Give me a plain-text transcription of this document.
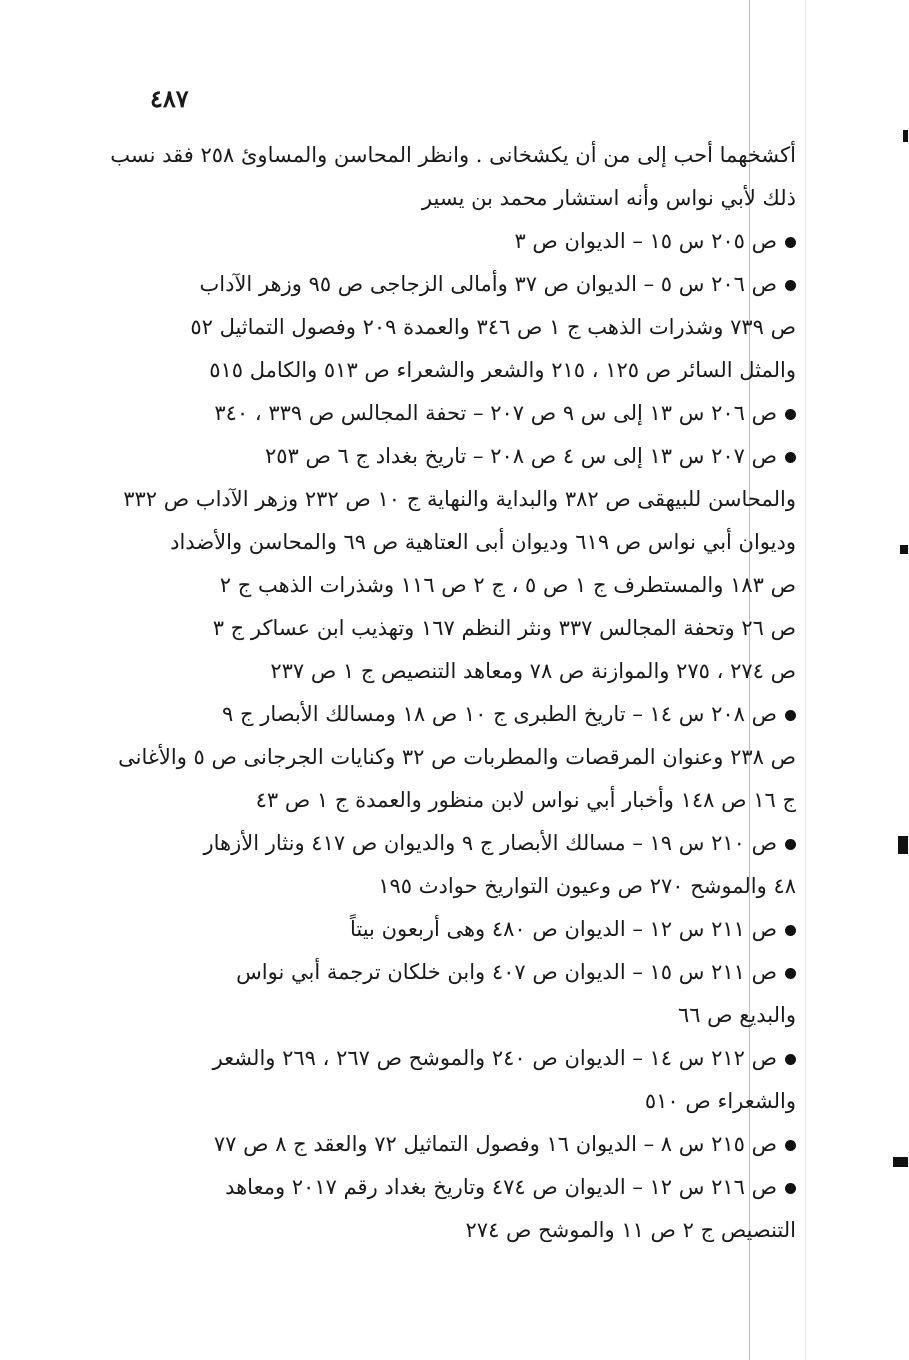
٤٨٧
أكشخهما أحب إلى من أن يكشخانى . وانظر المحاسن والمساوئ ٢٥٨ فقد نسب
ذلك لأبي نواس وأنه استشار محمد بن يسير
ص ٢٠٥ س ١٥ – الديوان ص ٣
ص ٢٠٦ س ٥ – الديوان ص ٣٧ وأمالى الزجاجى ص ٩٥ وزهر الآداب
ص ٧٣٩ وشذرات الذهب ج ١ ص ٣٤٦ والعمدة ٢٠٩ وفصول التماثيل ٥٢
والمثل السائر ص ١٢٥ ، ٢١٥ والشعر والشعراء ص ٥١٣ والكامل ٥١٥
ص ٢٠٦ س ١٣ إلى س ٩ ص ٢٠٧ – تحفة المجالس ص ٣٣٩ ، ٣٤٠
ص ٢٠٧ س ١٣ إلى س ٤ ص ٢٠٨ – تاريخ بغداد ج ٦ ص ٢٥٣
والمحاسن للبيهقى ص ٣٨٢ والبداية والنهاية ج ١٠ ص ٢٣٢ وزهر الآداب ص ٣٣٢
وديوان أبي نواس ص ٦١٩ وديوان أبى العتاهية ص ٦٩ والمحاسن والأضداد
ص ١٨٣ والمستطرف ج ١ ص ٥ ، ج ٢ ص ١١٦ وشذرات الذهب ج ٢
ص ٢٦ وتحفة المجالس ٣٣٧ ونثر النظم ١٦٧ وتهذيب ابن عساكر ج ٣
ص ٢٧٤ ، ٢٧٥ والموازنة ص ٧٨ ومعاهد التنصيص ج ١ ص ٢٣٧
ص ٢٠٨ س ١٤ – تاريخ الطبرى ج ١٠ ص ١٨ ومسالك الأبصار ج ٩
ص ٢٣٨ وعنوان المرقصات والمطربات ص ٣٢ وكنايات الجرجانى ص ٥ والأغانى
ج ١٦ ص ١٤٨ وأخبار أبي نواس لابن منظور والعمدة ج ١ ص ٤٣
ص ٢١٠ س ١٩ – مسالك الأبصار ج ٩ والديوان ص ٤١٧ ونثار الأزهار
٤٨ والموشح ٢٧٠ ص وعيون التواريخ حوادث ١٩٥
ص ٢١١ س ١٢ – الديوان ص ٤٨٠ وهى أربعون بيتاً
ص ٢١١ س ١٥ – الديوان ص ٤٠٧ وابن خلكان ترجمة أبي نواس
والبديع ص ٦٦
ص ٢١٢ س ١٤ – الديوان ص ٢٤٠ والموشح ص ٢٦٧ ، ٢٦٩ والشعر
والشعراء ص ٥١٠
ص ٢١٥ س ٨ – الديوان ١٦ وفصول التماثيل ٧٢ والعقد ج ٨ ص ٧٧
ص ٢١٦ س ١٢ – الديوان ص ٤٧٤ وتاريخ بغداد رقم ٢٠١٧ ومعاهد
التنصيص ج ٢ ص ١١ والموشح ص ٢٧٤
